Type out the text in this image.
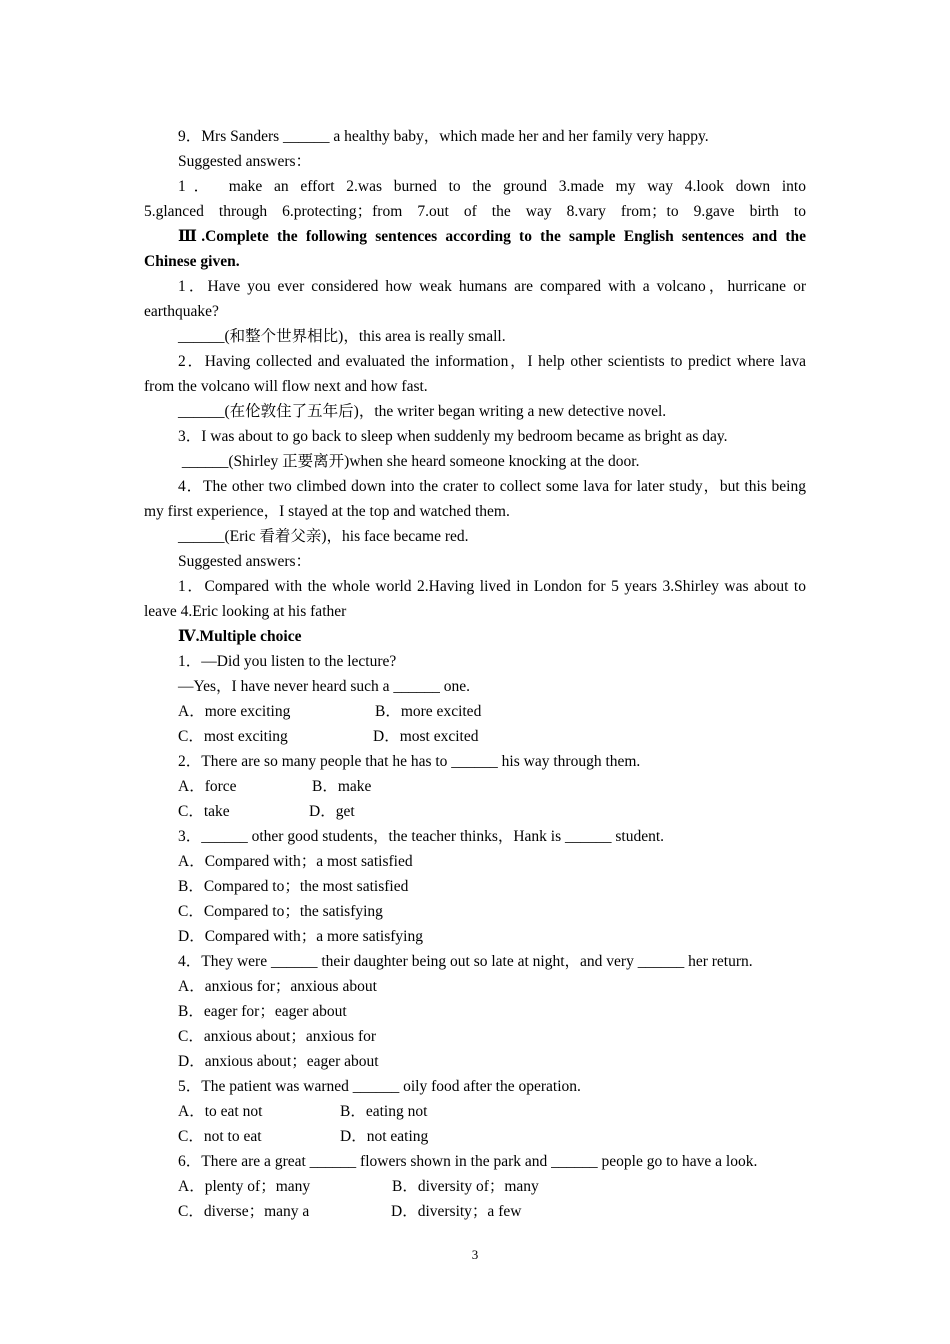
9．Mrs Sanders ______ a healthy baby，which made her and her family very happy.

Suggested answers：

1． make an effort 2.was burned to the ground 3.made my way 4.look down into

5.glanced through 6.protecting；from 7.out of the way 8.vary from；to 9.gave birth to

Ⅲ.Complete the following sentences according to the sample English sentences and the Chinese given.

1．Have you ever considered how weak humans are compared with a volcano，hurricane or earthquake?

______(和整个世界相比)，this area is really small.

2．Having collected and evaluated the information，I help other scientists to predict where lava from the volcano will flow next and how fast.

______(在伦敦住了五年后)，the writer began writing a new detective novel.

3．I was about to go back to sleep when suddenly my bedroom became as bright as day.

______(Shirley 正要离开)when she heard someone knocking at the door.

4．The other two climbed down into the crater to collect some lava for later study，but this being my first experience，I stayed at the top and watched them.

______(Eric 看着父亲)，his face became red.

Suggested answers：

1．Compared with the whole world 2.Having lived in London for 5 years 3.Shirley was about to leave 4.Eric looking at his father

Ⅳ.Multiple choice

1．—Did you listen to the lecture?

—Yes，I have never heard such a ______ one.

A．more exciting	B．more excited
C．most exciting	D．most excited

2．There are so many people that he has to ______ his way through them.

A．force	B．make
C．take	D．get

3．______ other good students，the teacher thinks，Hank is ______ student.

A．Compared with；a most satisfied

B．Compared to；the most satisfied

C．Compared to；the satisfying

D．Compared with；a more satisfying

4．They were ______ their daughter being out so late at night，and very ______ her return.

A．anxious for；anxious about

B．eager for；eager about

C．anxious about；anxious for

D．anxious about；eager about

5．The patient was warned ______ oily food after the operation.

A．to eat not	B．eating not
C．not to eat	D．not eating

6．There are a great ______ flowers shown in the park and ______ people go to have a look.

A．plenty of；many	B．diversity of；many
C．diverse；many a	D．diversity；a few
3
